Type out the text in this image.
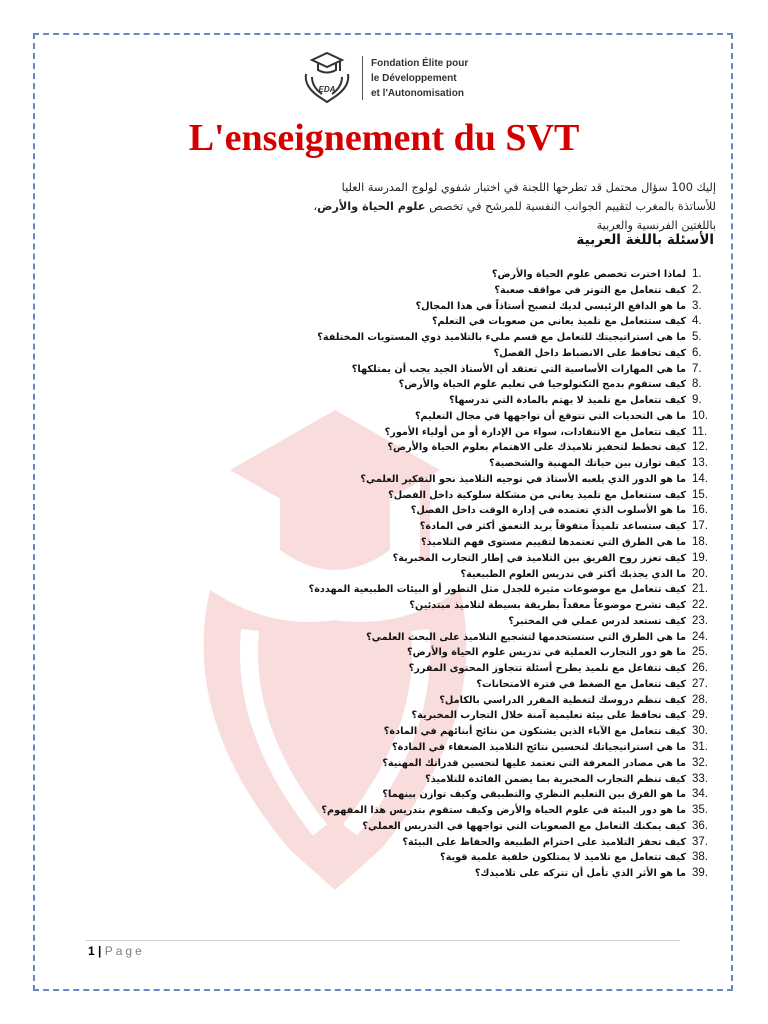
EDA
Fondation Élite pour
le Développement
et l'Autonomisation
L'enseignement du SVT
إليك 100 سؤال محتمل قد تطرحها اللجنة في اختبار شفوي لولوج المدرسة العليا للأساتذة بالمغرب لتقييم الجوانب النفسية للمرشح في تخصص علوم الحياة والأرض، باللغتين الفرنسية والعربية
الأسئلة باللغة العربية
لماذا اخترت تخصص علوم الحياة والأرض؟ 1.
كيف تتعامل مع التوتر في مواقف صعبة؟ 2.
ما هو الدافع الرئيسي لديك لتصبح أستاذاً في هذا المجال؟ 3.
كيف ستتعامل مع تلميذ يعاني من صعوبات في التعلم؟ 4.
ما هي استراتيجيتك للتعامل مع قسم مليء بالتلاميذ ذوي المستويات المختلفة؟ 5.
كيف تحافظ على الانضباط داخل الفصل؟ 6.
ما هي المهارات الأساسية التي تعتقد أن الأستاذ الجيد يجب أن يمتلكها؟ 7.
كيف ستقوم بدمج التكنولوجيا في تعليم علوم الحياة والأرض؟ 8.
كيف تتعامل مع تلميذ لا يهتم بالمادة التي تدرسها؟ 9.
ما هي التحديات التي تتوقع أن تواجهها في مجال التعليم؟ 10.
كيف تتعامل مع الانتقادات، سواء من الإدارة أو من أولياء الأمور؟ 11.
كيف تخطط لتحفيز تلاميذك على الاهتمام بعلوم الحياة والأرض؟ 12.
كيف توازن بين حياتك المهنية والشخصية؟ 13.
ما هو الدور الذي يلعبه الأستاذ في توجيه التلاميذ نحو التفكير العلمي؟ 14.
كيف ستتعامل مع تلميذ يعاني من مشكلة سلوكية داخل الفصل؟ 15.
ما هو الأسلوب الذي تعتمده في إدارة الوقت داخل الفصل؟ 16.
كيف ستساعد تلميذاً متفوقاً يريد التعمق أكثر في المادة؟ 17.
ما هي الطرق التي تعتمدها لتقييم مستوى فهم التلاميذ؟ 18.
كيف تعزز روح الفريق بين التلاميذ في إطار التجارب المخبرية؟ 19.
ما الذي يجذبك أكثر في تدريس العلوم الطبيعية؟ 20.
كيف تتعامل مع موضوعات مثيرة للجدل مثل التطور أو البيئات الطبيعية المهددة؟ 21.
كيف تشرح موضوعاً معقداً بطريقة بسيطة لتلاميذ مبتدئين؟ 22.
كيف تستعد لدرس عملي في المختبر؟ 23.
ما هي الطرق التي ستستخدمها لتشجيع التلاميذ على البحث العلمي؟ 24.
ما هو دور التجارب العملية في تدريس علوم الحياة والأرض؟ 25.
كيف تتفاعل مع تلميذ يطرح أسئلة تتجاوز المحتوى المقرر؟ 26.
كيف تتعامل مع الضغط في فترة الامتحانات؟ 27.
كيف تنظم دروسك لتغطية المقرر الدراسي بالكامل؟ 28.
كيف تحافظ على بيئة تعليمية آمنة خلال التجارب المخبرية؟ 29.
كيف تتعامل مع الآباء الذين يشتكون من نتائج أبنائهم في المادة؟ 30.
ما هي استراتيجياتك لتحسين نتائج التلاميذ الضعفاء في المادة؟ 31.
ما هي مصادر المعرفة التي تعتمد عليها لتحسين قدراتك المهنية؟ 32.
كيف تنظم التجارب المخبرية بما يضمن الفائدة للتلاميذ؟ 33.
ما هو الفرق بين التعليم النظري والتطبيقي وكيف توازن بينهما؟ 34.
ما هو دور البيئة في علوم الحياة والأرض وكيف ستقوم بتدريس هذا المفهوم؟ 35.
كيف يمكنك التعامل مع الصعوبات التي تواجهها في التدريس العملي؟ 36.
كيف تحفز التلاميذ على احترام الطبيعة والحفاظ على البيئة؟ 37.
كيف تتعامل مع تلاميذ لا يمتلكون خلفية علمية قوية؟ 38.
ما هو الأثر الذي تأمل أن تتركه على تلاميذك؟ 39.
1 | Page
